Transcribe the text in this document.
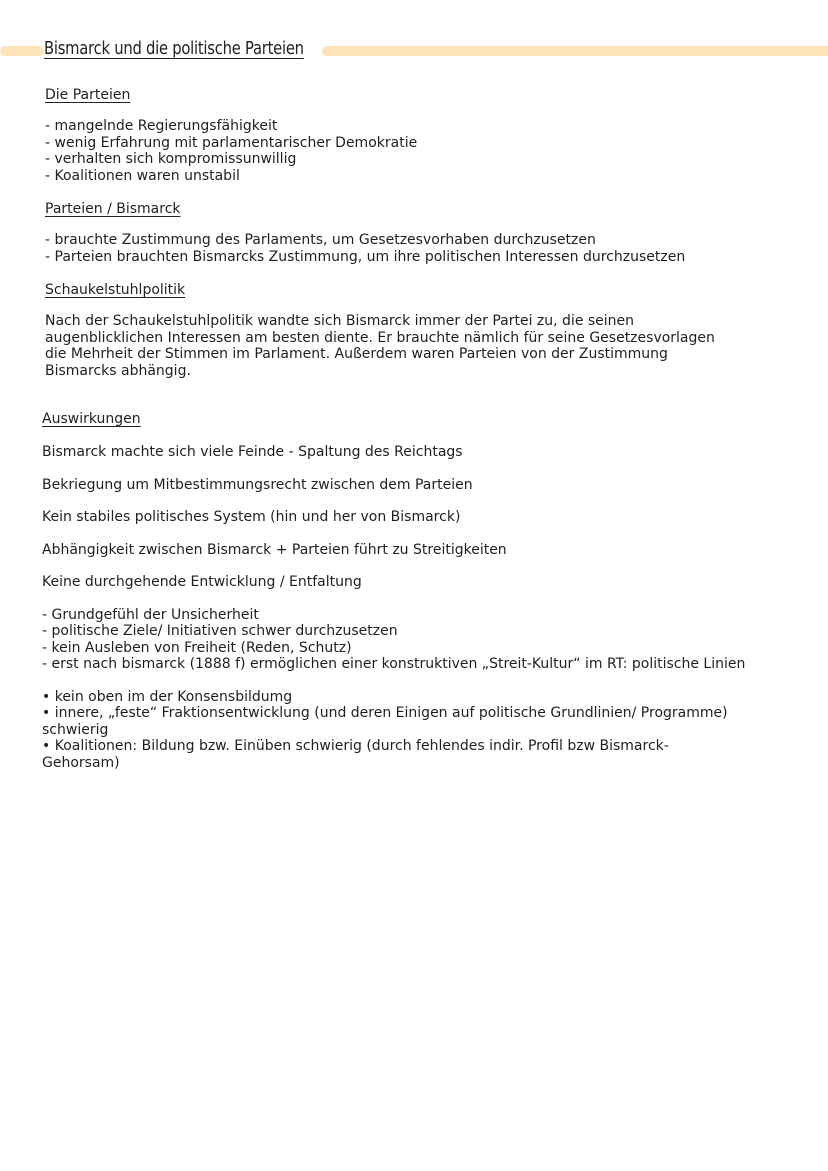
Bismarck und die politische Parteien

Die Parteien

- mangelnde Regierungsfähigkeit
- wenig Erfahrung mit parlamentarischer Demokratie
- verhalten sich kompromissunwillig
- Koalitionen waren unstabil

Parteien / Bismarck

- brauchte Zustimmung des Parlaments, um Gesetzesvorhaben durchzusetzen
- Parteien brauchten Bismarcks Zustimmung, um ihre politischen Interessen durchzusetzen

Schaukelstuhlpolitik

Nach der Schaukelstuhlpolitik wandte sich Bismarck immer der Partei zu, die seinen

augenblicklichen Interessen am besten diente. Er brauchte nämlich für seine Gesetzesvorlagen

die Mehrheit der Stimmen im Parlament. Außerdem waren Parteien von der Zustimmung

Bismarcks abhängig.

Auswirkungen

Bismarck machte sich viele Feinde - Spaltung des Reichtags

Bekriegung um Mitbestimmungsrecht zwischen dem Parteien

Kein stabiles politisches System (hin und her von Bismarck)

Abhängigkeit zwischen Bismarck + Parteien führt zu Streitigkeiten

Keine durchgehende Entwicklung / Entfaltung

- Grundgefühl der Unsicherheit
- politische Ziele/ Initiativen schwer durchzusetzen
- kein Ausleben von Freiheit (Reden, Schutz)
- erst nach bismarck (1888 f) ermöglichen einer konstruktiven „Streit-Kultur“ im RT: politische Linien
• kein oben im der Konsensbildumg
• innere, „feste“ Fraktionsentwicklung (und deren Einigen auf politische Grundlinien/ Programme)
schwierig
• Koalitionen: Bildung bzw. Einüben schwierig (durch fehlendes indir. Profil bzw Bismarck-
Gehorsam)
